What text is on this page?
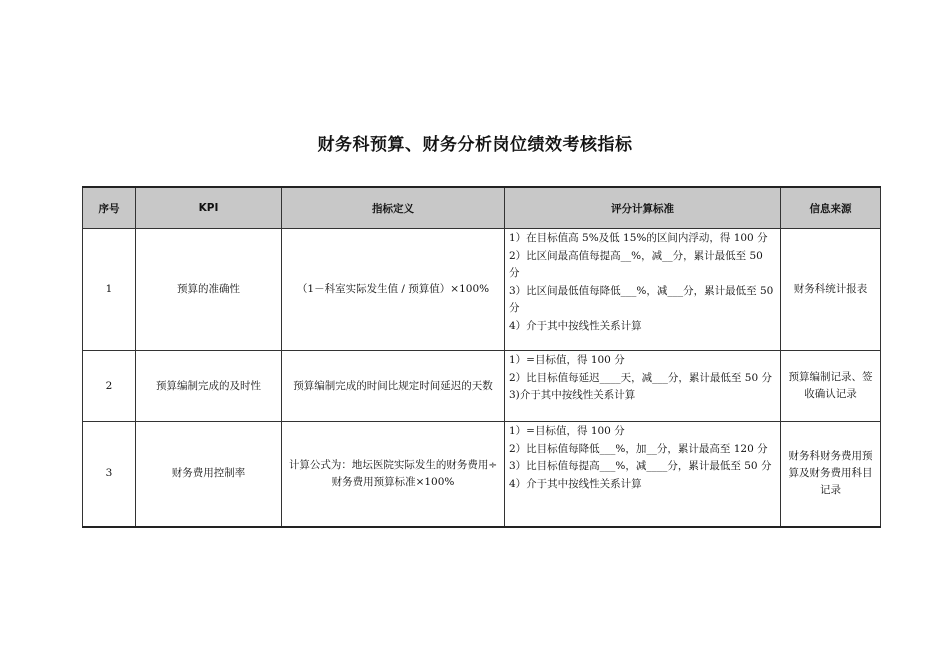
财务科预算、财务分析岗位绩效考核指标
序号	KPI	指标定义	评分计算标准	信息来源
1	预算的准确性	（1－科室实际发生值 / 预算值）×100%	1）在目标值高 5%及低 15%的区间内浮动，得 100 分
2）比区间最高值每提高__%，减__分，累计最低至 50 分
3）比区间最低值每降低___%，减___分，累计最低至 50 分
4）介于其中按线性关系计算	财务科统计报表
2	预算编制完成的及时性	预算编制完成的时间比规定时间延迟的天数	1）=目标值，得 100 分
2）比目标值每延迟____天，减___分，累计最低至 50 分
3)介于其中按线性关系计算	预算编制记录、签收确认记录
3	财务费用控制率	计算公式为：地坛医院实际发生的财务费用÷财务费用预算标准×100%	1）=目标值，得 100 分
2）比目标值每降低___%，加__分，累计最高至 120 分
3）比目标值每提高___%，减____分，累计最低至 50 分
4）介于其中按线性关系计算	财务科财务费用预算及财务费用科目记录
